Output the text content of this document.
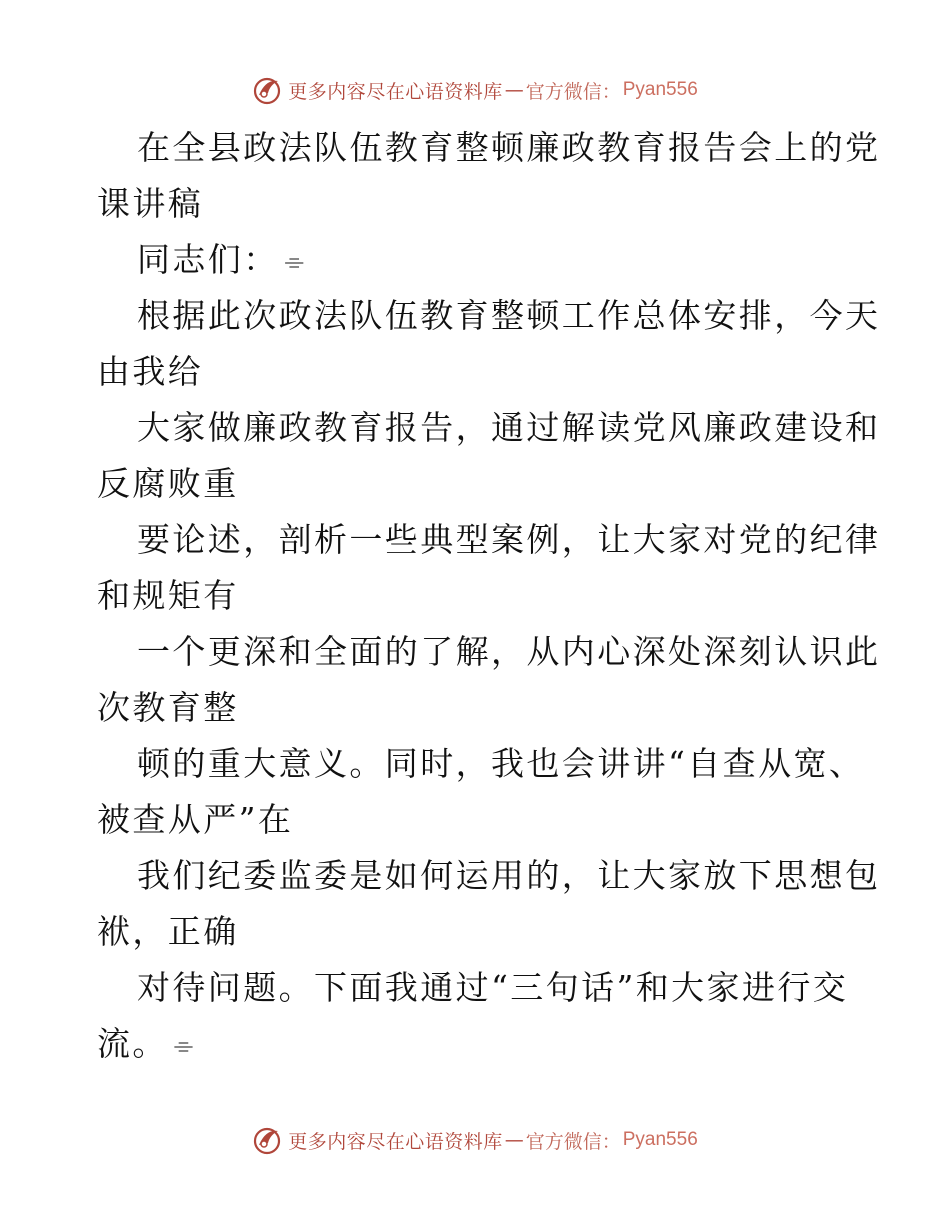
更多内容尽在心语资料库 — 官方微信： Pyan556
在全县政法队伍教育整顿廉政教育报告会上的党
课讲稿
同志们： ⌯
根据此次政法队伍教育整顿工作总体安排，今天
由我给
大家做廉政教育报告，通过解读党风廉政建设和
反腐败重
要论述，剖析一些典型案例，让大家对党的纪律
和规矩有
一个更深和全面的了解，从内心深处深刻认识此
次教育整
顿的重大意义。同时，我也会讲讲“自查从宽、
被查从严”在
我们纪委监委是如何运用的，让大家放下思想包
袱，正确
对待问题。下面我通过“三句话”和大家进行交
流。 ⌯
更多内容尽在心语资料库 — 官方微信： Pyan556
